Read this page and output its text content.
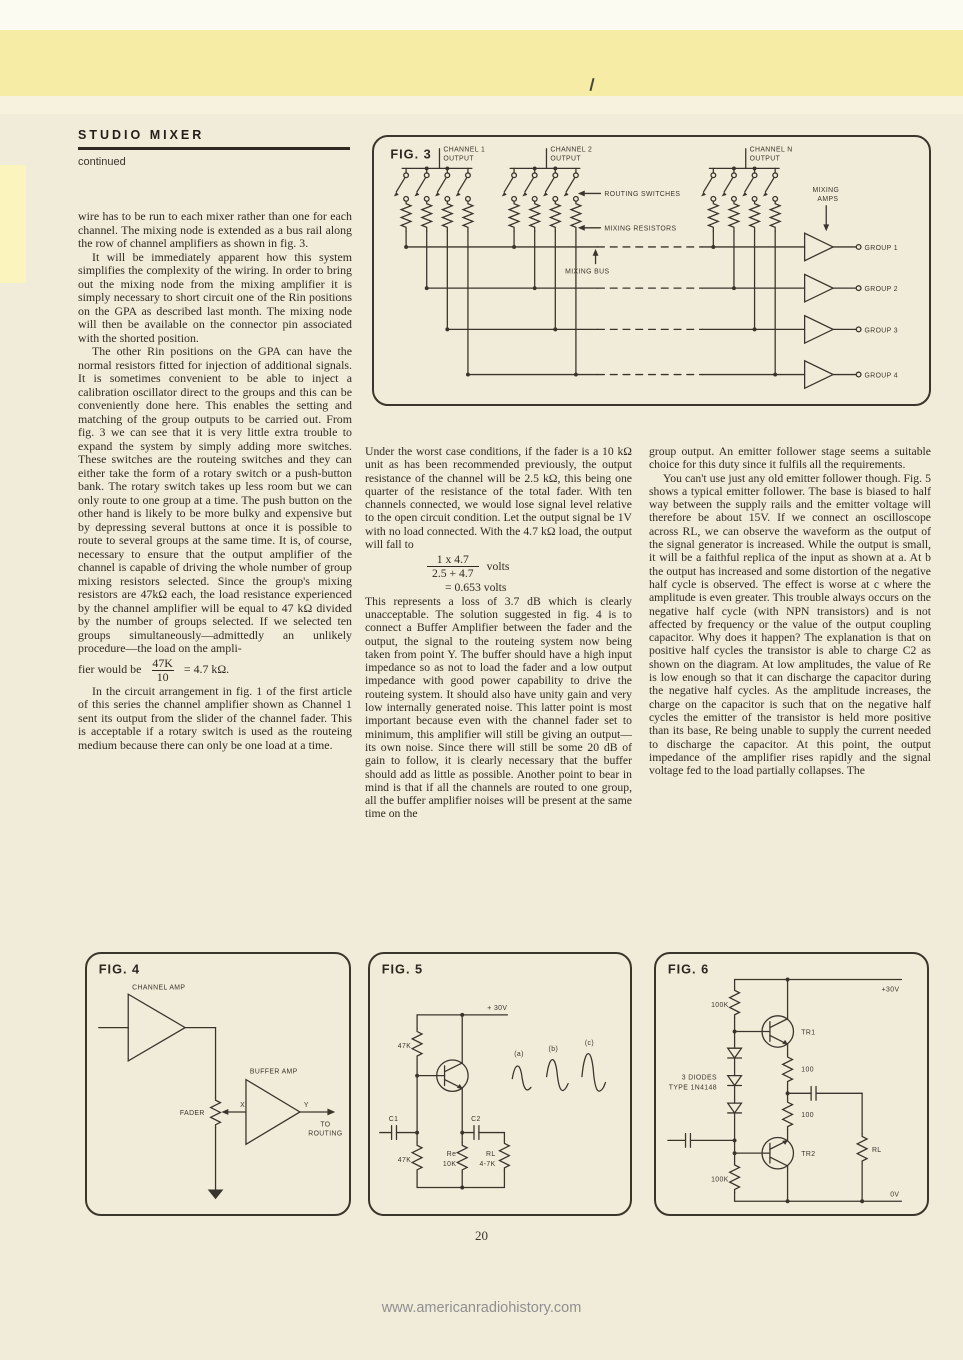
STUDIO MIXER
continued

wire has to be run to each mixer rather than one for each channel. The mixing node is extended as a bus rail along the row of channel amplifiers as shown in fig. 3.

It will be immediately apparent how this system simplifies the complexity of the wiring. In order to bring out the mixing node from the mixing amplifier it is simply necessary to short circuit one of the Rin positions on the GPA as described last month. The mixing node will then be available on the connector pin associated with the shorted position.

The other Rin positions on the GPA can have the normal resistors fitted for injection of additional signals. It is sometimes convenient to be able to inject a calibration oscillator direct to the groups and this can be conveniently done here. This enables the setting and matching of the group outputs to be carried out. From fig. 3 we can see that it is very little extra trouble to expand the system by simply adding more switches. These switches are the routeing switches and they can either take the form of a rotary switch or a push-button bank. The rotary switch takes up less room but we can only route to one group at a time. The push button on the other hand is likely to be more bulky and expensive but by depressing several buttons at once it is possible to route to several groups at the same time. It is, of course, necessary to ensure that the output amplifier of the channel is capable of driving the whole number of group mixing resistors selected. Since the group's mixing resistors are 47kΩ each, the load resistance experienced by the channel amplifier will be equal to 47 kΩ divided by the number of groups selected. If we selected ten groups simultaneously—admittedly an unlikely procedure—the load on the ampli-

fier would be $\frac{47K}{10} = 4.7$ kΩ.

In the circuit arrangement in fig. 1 of the first article of this series the channel amplifier shown as Channel 1 sent its output from the slider of the channel fader. This is acceptable if a rotary switch is used as the routeing medium because there can only be one load at a time.

Under the worst case conditions, if the fader is a 10 kΩ unit as has been recommended previously, the output resistance of the channel will be 2.5 kΩ, this being one quarter of the resistance of the total fader. With ten channels connected, we would lose signal level relative to the open circuit condition. Let the output signal be 1V with no load connected. With the 4.7 kΩ load, the output will fall to

$\frac{1 x 4.7}{2.5 + 4.7}$ volts
= 0.653 volts

This represents a loss of 3.7 dB which is clearly unacceptable. The solution suggested in fig. 4 is to connect a Buffer Amplifier between the fader and the output, the signal to the routeing system now being taken from point Y. The buffer should have a high input impedance so as not to load the fader and a low output impedance with good power capability to drive the routeing system. It should also have unity gain and very low internally generated noise. This latter point is most important because even with the channel fader set to minimum, this amplifier will still be giving an output—its own noise. Since there will still be some 20 dB of gain to follow, it is clearly necessary that the buffer should add as little as possible. Another point to bear in mind is that if all the channels are routed to one group, all the buffer amplifier noises will be present at the same time on the

group output. An emitter follower stage seems a suitable choice for this duty since it fulfils all the requirements.

You can't use just any old emitter follower though. Fig. 5 shows a typical emitter follower. The base is biased to half way between the supply rails and the emitter voltage will therefore be about 15V. If we connect an oscilloscope across RL, we can observe the waveform as the output of the signal generator is increased. While the output is small, it will be a faithful replica of the input as shown at a. At b the output has increased and some distortion of the negative half cycle is observed. The effect is worse at c where the amplitude is even greater. This trouble always occurs on the negative half cycle (with NPN transistors) and is not affected by frequency or the value of the output coupling capacitor. Why does it happen? The explanation is that on positive half cycles the transistor is able to charge C2 as shown on the diagram. At low amplitudes, the value of Re is low enough so that it can discharge the capacitor during the negative half cycles. As the amplitude increases, the charge on the capacitor is such that on the negative half cycles the emitter of the transistor is held more positive than its base, Re being unable to supply the current needed to discharge the capacitor. At this point, the output impedance of the amplifier rises rapidly and the signal voltage fed to the load partially collapses. The

FIG. 3 CHANNEL 1
OUTPUT
CHANNEL 2
OUTPUT
CHANNEL N
OUTPUT
ROUTING SWITCHES
MIXING RESISTORS
MIXING BUS
MIXING
AMPS
GROUP 1
GROUP 2
GROUP 3
GROUP 4
FIG. 4
CHANNEL AMP
FADER
BUFFER AMP
X	Y
TO
ROUTING
FIG. 5
+ 30V
47K
47K
C1
Re
10K
C2
RL
4-7K
(a)
(b)
(c)
FIG. 6
+30V
0V
100K
3 DIODES
TYPE 1N4148
100K
TR1
100
100
TR2
RL
20
www.americanradiohistory.com
